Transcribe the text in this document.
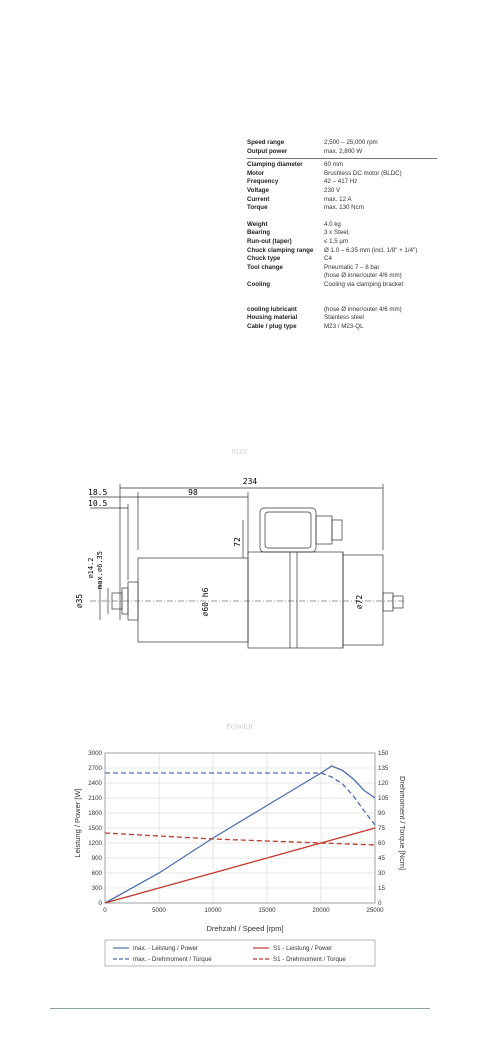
Speed range	2,500 – 25,000 rpm
Output power	max. 2,800 W
Clamping diameter	60 mm
Motor	Brushless DC motor (BLDC)
Frequency	42 – 417 Hz
Voltage	230 V
Current	max. 12 A
Torque	max. 130 Ncm
Weight	4.0 kg
Bearing	3 x Steel,
Run-out (taper)	≤ 1.5 µm
Chuck clamping range	Ø 1.0 – 6.35 mm (incl. 1/8" + 1/4")
Chuck type	C4
Tool change	Pneumatic 7 – 8 bar
(hose Ø inner/outer 4/6 mm)
Cooling	Cooling via clamping bracket
cooling lubricant	(hose Ø inner/outer 4/6 mm)
Housing material	Stainless steel
Cable / plug type	M23 / M23-QL
SIZE
234
18.5
10.5
98
72
∅35
∅14.2 max.∅6.35
∅60 h6	∅72
POWER
0	5000	10000	15000	20000	25000
0
300
600
900
1200
1500
1800
2100
2400
2700
3000
0
15
30
45
60
75
90
105
120
135
150
Drehzahl / Speed [rpm]
Leistung / Power [W]	Drehmoment / Torque [Ncm]
max. - Leistung / Power	S1 - Leistung / Power
max. - Drehmoment / Torque	S1 - Drehmoment / Torque
